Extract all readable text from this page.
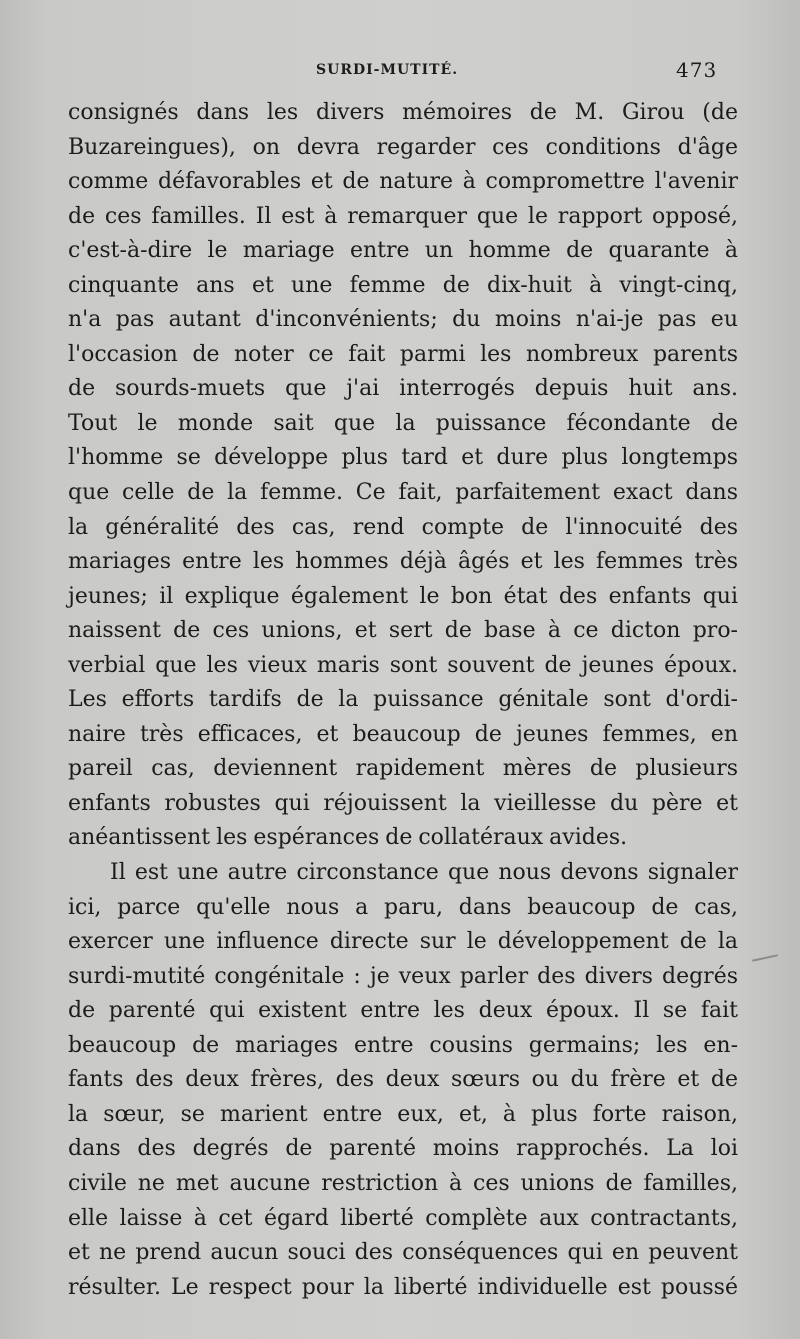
SURDI-MUTITÉ.	473
consignés dans les divers mémoires de M. Girou (de
Buzareingues), on devra regarder ces conditions d'âge
comme défavorables et de nature à compromettre l'avenir
de ces familles. Il est à remarquer que le rapport opposé,
c'est-à-dire le mariage entre un homme de quarante à
cinquante ans et une femme de dix-huit à vingt-cinq,
n'a pas autant d'inconvénients; du moins n'ai-je pas eu
l'occasion de noter ce fait parmi les nombreux parents
de sourds-muets que j'ai interrogés depuis huit ans.
Tout le monde sait que la puissance fécondante de
l'homme se développe plus tard et dure plus longtemps
que celle de la femme. Ce fait, parfaitement exact dans
la généralité des cas, rend compte de l'innocuité des
mariages entre les hommes déjà âgés et les femmes très
jeunes; il explique également le bon état des enfants qui
naissent de ces unions, et sert de base à ce dicton pro-
verbial que les vieux maris sont souvent de jeunes époux.
Les efforts tardifs de la puissance génitale sont d'ordi-
naire très efficaces, et beaucoup de jeunes femmes, en
pareil cas, deviennent rapidement mères de plusieurs
enfants robustes qui réjouissent la vieillesse du père et
anéantissent les espérances de collatéraux avides.
Il est une autre circonstance que nous devons signaler
ici, parce qu'elle nous a paru, dans beaucoup de cas,
exercer une influence directe sur le développement de la
surdi-mutité congénitale : je veux parler des divers degrés
de parenté qui existent entre les deux époux. Il se fait
beaucoup de mariages entre cousins germains; les en-
fants des deux frères, des deux sœurs ou du frère et de
la sœur, se marient entre eux, et, à plus forte raison,
dans des degrés de parenté moins rapprochés. La loi
civile ne met aucune restriction à ces unions de familles,
elle laisse à cet égard liberté complète aux contractants,
et ne prend aucun souci des conséquences qui en peuvent
résulter. Le respect pour la liberté individuelle est poussé
